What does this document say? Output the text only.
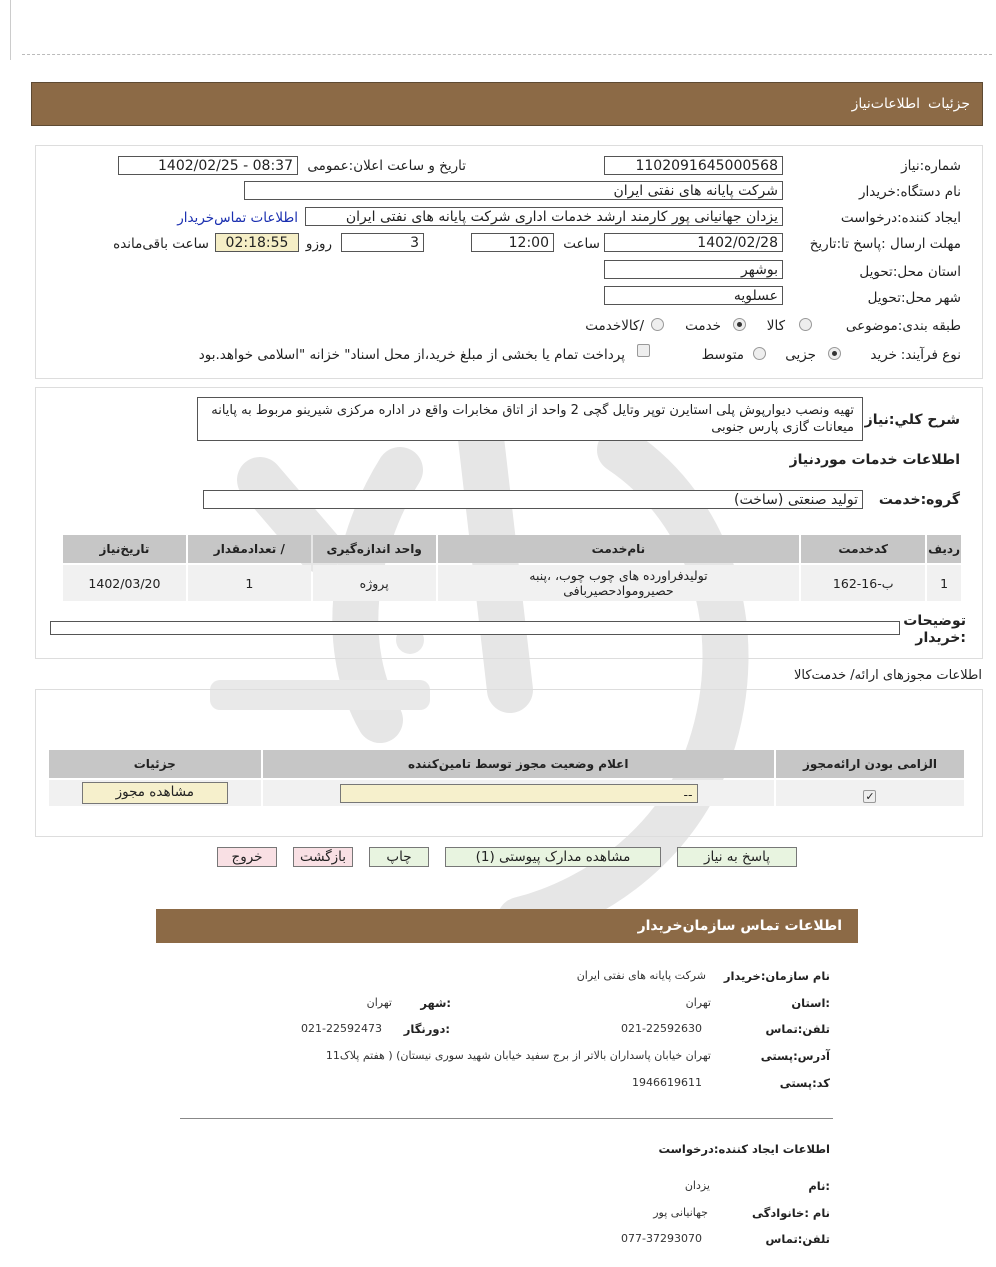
جزئیات
اطلاعات‌نیاز
شماره:نیاز
1102091645000568
تاریخ و ساعت اعلان:عمومی
1402/02/25 - 08:37
نام دستگاه:خریدار
شرکت پایانه های نفتی ایران
ایجاد کننده:درخواست
یزدان جهانیانی پور کارمند ارشد خدمات اداری شرکت پایانه های نفتی ایران
اطلاعات تماس‌خریدار
مهلت ارسال :پاسخ تا:تاریخ
1402/02/28
ساعت
12:00
3
روزو
02:18:55
ساعت باقی‌مانده
استان محل:تحویل
بوشهر
شهر محل:تحویل
عسلویه
طبقه بندی:موضوعی
کالا
خدمت
/کالاخدمت
نوع فرآیند:
خرید
جزیی
متوسط
پرداخت تمام یا بخشی از مبلغ خرید،از محل اسناد" خزانه "اسلامی خواهد.بود
شرح کلي:نياز
تهیه ونصب دیوارپوش پلی استایرن توپر وتایل گچی 2 واحد از اتاق مخابرات واقع در اداره مرکزی شیرینو مربوط به پایانه میعانات گازی پارس جنوبی
اطلاعات خدمات موردنياز
گروه:خدمت
تولید صنعتی (ساخت)
رديف	کدخدمت	نام‌خدمت	واحد اندازه‌گيری	/ تعدادمقدار	تاريخ‌نياز
1	ب-16-162	تولیدفراورده های چوب چوب، ،پنبه حصیرومواد‌حصیربافی	پروژه	1	1402/03/20
توضيحات :خريدار
اطلاعات مجوزهای ارائه/ خدمت‌کالا
الزامی بودن ارائه‌مجوز	اعلام وضعیت مجوز توسط تامین‌کننده	جزئیات
✓	--	مشاهده مجوز
پاسخ به نیاز
مشاهده مدارک پیوستی (1)
چاپ
بازگشت
خروج
اطلاعات تماس سازمان‌خريدار
نام سازمان:خريدار
شرکت پایانه های نفتی ایران
:استان
تهران
:شهر
تهران
تلفن:تماس
021-22592630
:دورنگار
021-22592473
آدرس:پستی
تهران خیابان پاسداران بالاتر از برج سفید خیابان شهید سوری نیستان) ( هفتم پلاک11
کد:پستی
1946619611
اطلاعات ایجاد کننده:درخواست
:نام
یزدان
نام :خانوادگی
جهانیانی پور
تلفن:تماس
077-37293070
